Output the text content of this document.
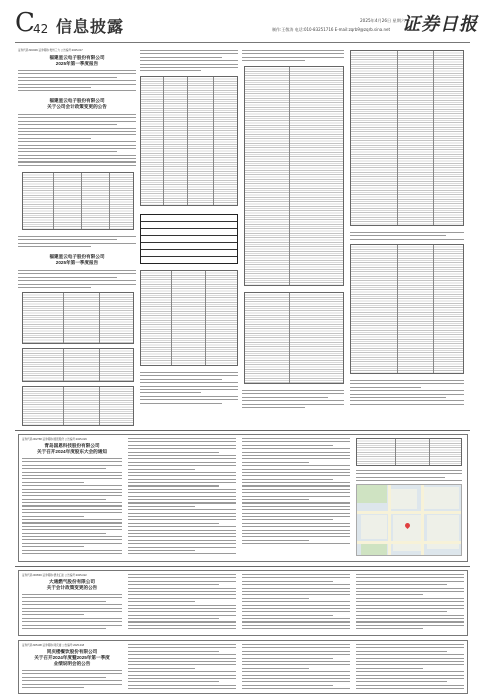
C
42 信息披露	2025年4月26日 星期六
制作:王敬涛 电话:010-83251716 E-mail:zqrb9@zqrb.sina.net 证券日报
证券代码:603439 证券简称:贵州三力 公告编号:2025-017
福建星云电子股份有限公司
2025年第一季度报告
福建星云电子股份有限公司
关于公司会计政策变更的公告
福建星云电子股份有限公司
2025年第一季度报告
证券代码:002768 证券简称:国恩股份 公告编号:2025-029
青岛国恩科技股份有限公司
关于召开2024年度股东大会的通知
证券代码:000593 证券简称:德龙汇能 公告编号:2025-022
大通燃气股份有限公司
关于会计政策变更的公告
证券代码:605108 证券简称:同庆楼 公告编号:2025-018
同庆楼餐饮股份有限公司
关于召开2024年度暨2025年第一季度
业绩说明会的公告
